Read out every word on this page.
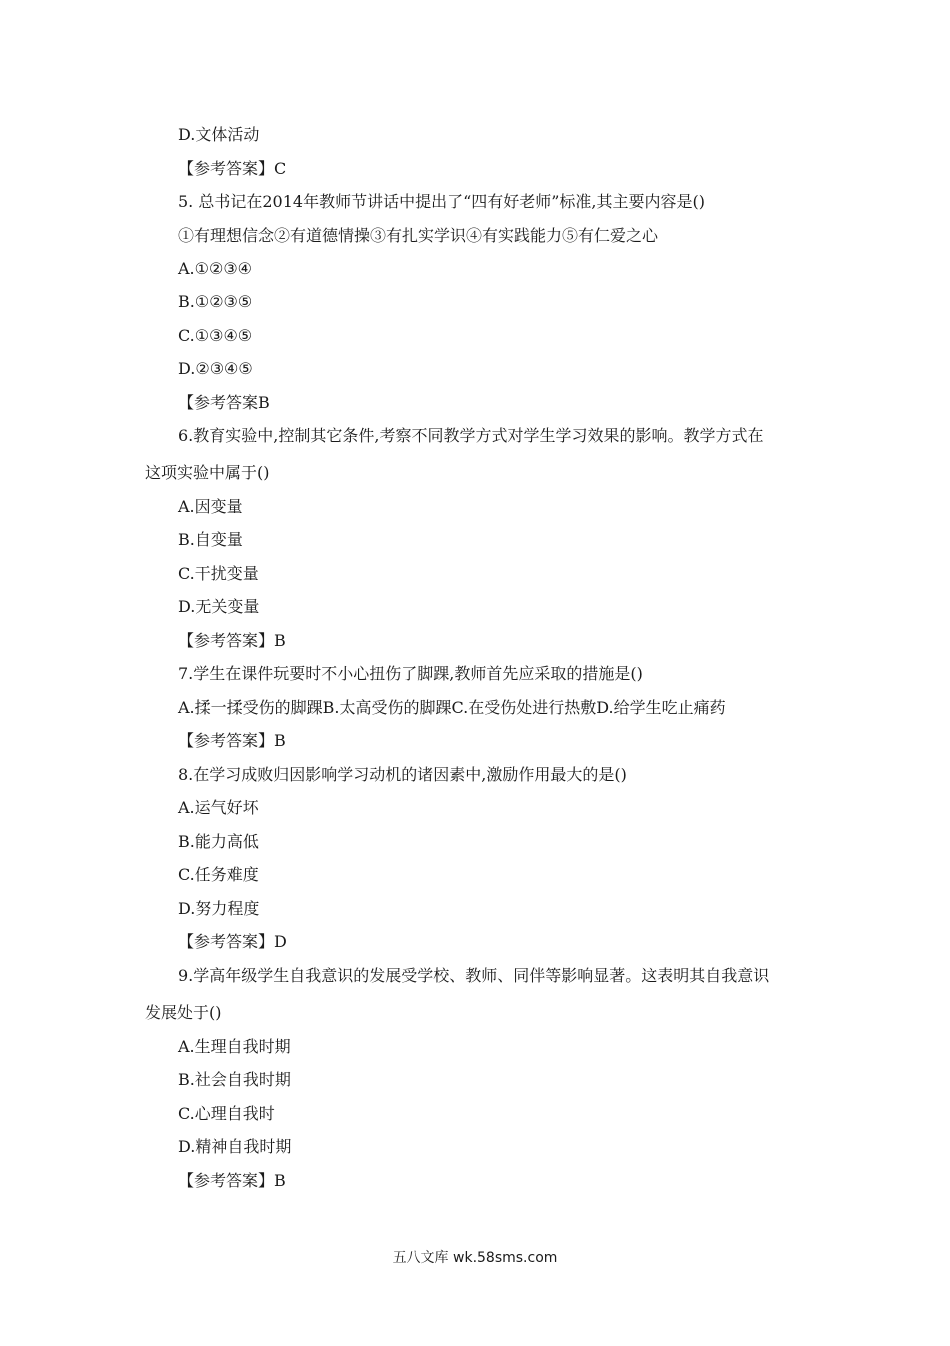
D.文体活动
【参考答案】C
5. 总书记在2014年教师节讲话中提出了“四有好老师”标准,其主要内容是()
①有理想信念②有道德情操③有扎实学识④有实践能力⑤有仁爱之心
A.①②③④
B.①②③⑤
C.①③④⑤
D.②③④⑤
【参考答案B
6.教育实验中,控制其它条件,考察不同教学方式对学生学习效果的影响。教学方式在
这项实验中属于()
A.因变量
B.自变量
C.干扰变量
D.无关变量
【参考答案】B
7.学生在课件玩要时不小心扭伤了脚踝,教师首先应采取的措施是()
A.揉一揉受伤的脚踝B.太高受伤的脚踝C.在受伤处进行热敷D.给学生吃止痛药
【参考答案】B
8.在学习成败归因影响学习动机的诸因素中,激励作用最大的是()
A.运气好坏
B.能力高低
C.任务难度
D.努力程度
【参考答案】D
9.学高年级学生自我意识的发展受学校、教师、同伴等影响显著。这表明其自我意识
发展处于()
A.生理自我时期
B.社会自我时期
C.心理自我时
D.精神自我时期
【参考答案】B
五八文库 wk.58sms.com
